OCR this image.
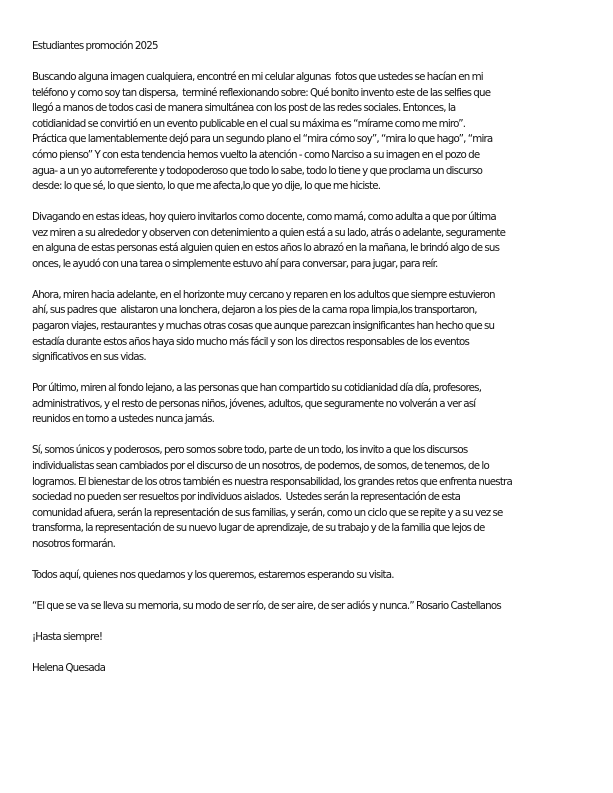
Estudiantes promoción 2025

Buscando alguna imagen cualquiera, encontré en mi celular algunas  fotos que ustedes se hacían en mi
teléfono y como soy tan dispersa,  terminé reflexionando sobre: Qué bonito invento este de las selfies que
llegó a manos de todos casi de manera simultánea con los post de las redes sociales. Entonces, la
cotidianidad se convirtió en un evento publicable en el cual su máxima es “mírame como me miro”.
Práctica que lamentablemente dejó para un segundo plano el “mira cómo soy”, “mira lo que hago”, “mira
cómo pienso” Y con esta tendencia hemos vuelto la atención - como Narciso a su imagen en el pozo de
agua- a un yo autorreferente y todopoderoso que todo lo sabe, todo lo tiene y que proclama un discurso
desde: lo que sé, lo que siento, lo que me afecta,lo que yo dije, lo que me hiciste.

Divagando en estas ideas, hoy quiero invitarlos como docente, como mamá, como adulta a que por última
vez miren a su alrededor y observen con detenimiento a quien está a su lado, atrás o adelante, seguramente
en alguna de estas personas está alguien quien en estos años lo abrazó en la mañana, le brindó algo de sus
onces, le ayudó con una tarea o simplemente estuvo ahí para conversar, para jugar, para reír.

Ahora, miren hacia adelante, en el horizonte muy cercano y reparen en los adultos que siempre estuvieron
ahí, sus padres que  alistaron una lonchera, dejaron a los pies de la cama ropa limpia,los transportaron,
pagaron viajes, restaurantes y muchas otras cosas que aunque parezcan insignificantes han hecho que su
estadía durante estos años haya sido mucho más fácil y son los directos responsables de los eventos
significativos en sus vidas.

Por último, miren al fondo lejano, a las personas que han compartido su cotidianidad día día, profesores,
administrativos, y el resto de personas niños, jóvenes, adultos, que seguramente no volverán a ver así
reunidos en torno a ustedes nunca jamás.

Sí, somos únicos y poderosos, pero somos sobre todo, parte de un todo, los invito a que los discursos
individualistas sean cambiados por el discurso de un nosotros, de podemos, de somos, de tenemos, de lo
logramos. El bienestar de los otros también es nuestra responsabilidad, los grandes retos que enfrenta nuestra
sociedad no pueden ser resueltos por individuos aislados.  Ustedes serán la representación de esta
comunidad afuera, serán la representación de sus familias, y serán, como un ciclo que se repite y a su vez se
transforma, la representación de su nuevo lugar de aprendizaje, de su trabajo y de la familia que lejos de
nosotros formarán.

Todos aquí, quienes nos quedamos y los queremos, estaremos esperando su visita.

“El que se va se lleva su memoria, su modo de ser río, de ser aire, de ser adiós y nunca.” Rosario Castellanos

¡Hasta siempre!

Helena Quesada
